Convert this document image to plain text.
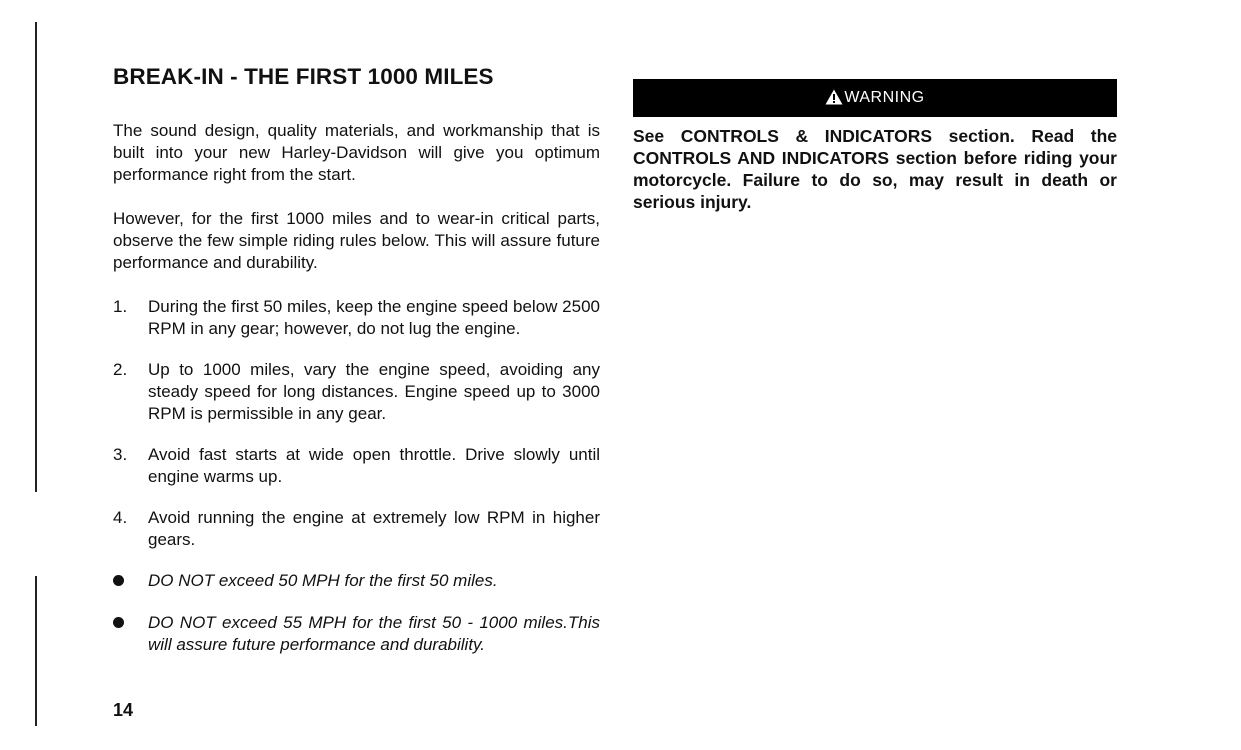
BREAK-IN - THE FIRST 1000 MILES

The sound design, quality materials, and workmanship that is built into your new Harley-Davidson will give you optimum performance right from the start.

However, for the first 1000 miles and to wear-in critical parts, observe the few simple riding rules below. This will assure future performance and durability.

1. During the first 50 miles, keep the engine speed below 2500 RPM in any gear; however, do not lug the engine.
2. Up to 1000 miles, vary the engine speed, avoiding any steady speed for long distances. Engine speed up to 3000 RPM is permissible in any gear.
3. Avoid fast starts at wide open throttle. Drive slowly until engine warms up.
4. Avoid running the engine at extremely low RPM in higher gears.
DO NOT exceed 50 MPH for the first 50 miles.
DO NOT exceed 55 MPH for the first 50 - 1000 miles.This will assure future performance and durability.
14
WARNING

See CONTROLS & INDICATORS section. Read the CONTROLS AND INDICATORS section before riding your motorcycle. Failure to do so, may result in death or serious injury.
